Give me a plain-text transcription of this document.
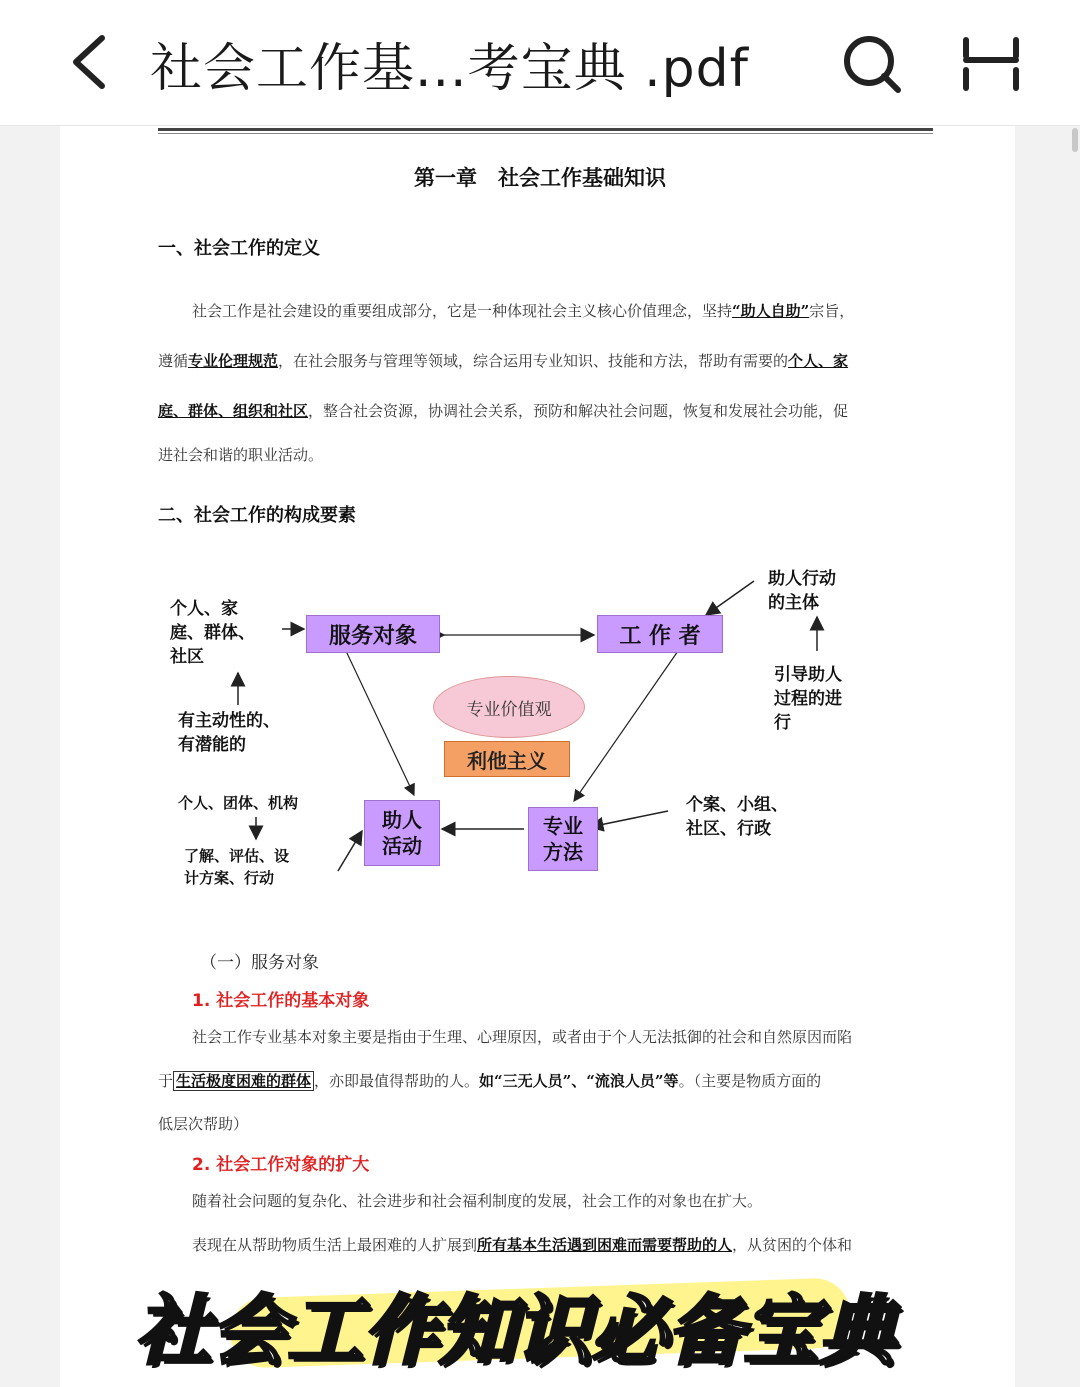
社会工作基...考宝典 .pdf
第一章　社会工作基础知识
一、社会工作的定义
社会工作是社会建设的重要组成部分，它是一种体现社会主义核心价值理念，坚持“助人自助”宗旨，
遵循专业伦理规范，在社会服务与管理等领域，综合运用专业知识、技能和方法，帮助有需要的个人、家
庭、群体、组织和社区，整合社会资源，协调社会关系，预防和解决社会问题，恢复和发展社会功能，促
进社会和谐的职业活动。
二、社会工作的构成要素
服务对象	工 作 者
助人
活动
专业
方法
专业价值观
利他主义
个人、家
庭、群体、
社区
有主动性的、
有潜能的
助人行动
的主体
引导助人
过程的进
行
个人、团体、机构
了解、评估、设
计方案、行动
个案、小组、
社区、行政
（一）服务对象
1. 社会工作的基本对象
社会工作专业基本对象主要是指由于生理、心理原因，或者由于个人无法抵御的社会和自然原因而陷
于 生活极度困难的群体 ，亦即最值得帮助的人。如“三无人员”、“流浪人员”等。（主要是物质方面的
低层次帮助）
2. 社会工作对象的扩大
随着社会问题的复杂化、社会进步和社会福利制度的发展，社会工作的对象也在扩大。
表现在从帮助物质生活上最困难的人扩展到所有基本生活遇到困难而需要帮助的人，从贫困的个体和
社会工作知识必备宝典
